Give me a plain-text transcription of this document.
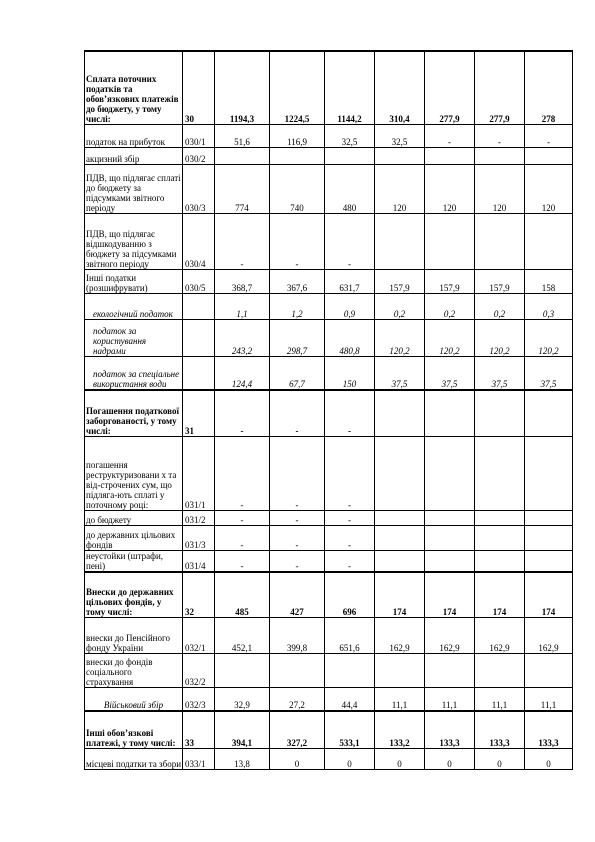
Сплата поточних податків та обов’язкових платежів до бюджету, у тому числі:	30	1194,3	1224,5	1144,2	310,4	277,9	277,9	278
податок на прибуток	030/1	51,6	116,9	32,5	32,5	-	-	-
акцизний збір	030/2							
ПДВ, що підлягає сплаті до бюджету за підсумками звітного періоду	030/3	774	740	480	120	120	120	120
ПДВ, що підлягає відшкодуванню з бюджету за підсумками звітного періоду	030/4	-	-	-				
Інші податки (розшифрувати)	030/5	368,7	367,6	631,7	157,9	157,9	157,9	158
екологічний податок		1,1	1,2	0,9	0,2	0,2	0,2	0,3
податок за користування надрами		243,2	298,7	480,8	120,2	120,2	120,2	120,2
податок за спеціальне використання води		124,4	67,7	150	37,5	37,5	37,5	37,5
Погашення податкової заборгованості, у тому числі:	31	-	-	-				
погашення реструктуризовани х та від-строчених сум, що підляга-ють сплаті у поточному році:	031/1	-	-	-				
до бюджету	031/2	-	-	-				
до державних цільових фондів	031/3	-	-	-				
неустойки (штрафи, пені)	031/4	-	-	-				
Внески до державних цільових фондів, у тому числі:	32	485	427	696	174	174	174	174
внески до Пенсійного фонду України	032/1	452,1	399,8	651,6	162,9	162,9	162,9	162,9
внески до фондів соціального страхування	032/2							
Військовий збір	032/3	32,9	27,2	44,4	11,1	11,1	11,1	11,1
Інші обов’язкові платежі, у тому числі:	33	394,1	327,2	533,1	133,2	133,3	133,3	133,3
місцеві податки та збори	033/1	13,8	0	0	0	0	0	0
